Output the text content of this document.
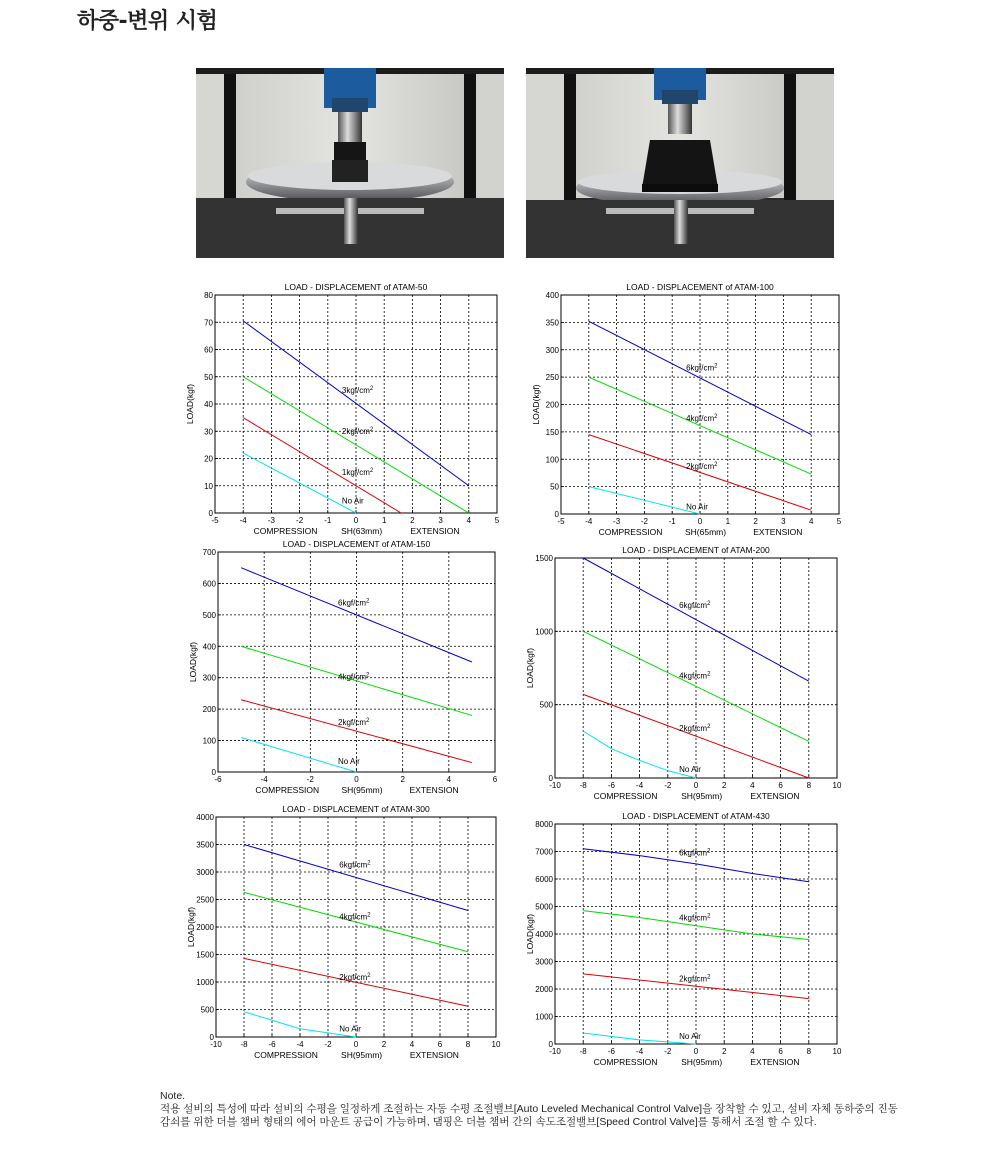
하중-변위 시험
-5	-4	-3	-2	-1	0	1	2	3	4	5
0
10
20
30
40
50
60
70
80
LOAD - DISPLACEMENT of ATAM-50
LOAD(kgf)
COMPRESSION	SH(63mm)	EXTENSION
$3kgf/cm^2$
$2kgf/cm^2$
$1kgf/cm^2$
No Air
-5	-4	-3	-2	-1	0	1	2	3	4	5
0
50
100
150
200
250
300
350
400
LOAD - DISPLACEMENT of ATAM-100
LOAD(kgf)
COMPRESSION	SH(65mm)	EXTENSION
$6kgf/cm^2$
$4kgf/cm^2$
$2kgf/cm^2$
No Air
-6	-4	-2	0	2	4	6
0
100
200
300
400
500
600
700
LOAD - DISPLACEMENT of ATAM-150
LOAD(kgf)
COMPRESSION	SH(95mm)	EXTENSION
$6kgf/cm^2$
$4kgf/cm^2$
$2kgf/cm^2$
No Air
-10 -8	-6	-4	-2	0	2	4	6	8	10
0
500
1000
1500
LOAD - DISPLACEMENT of ATAM-200
LOAD(kgf)
COMPRESSION	SH(95mm)	EXTENSION
$6kgf/cm^2$
$4kgf/cm^2$
$2kgf/cm^2$
No Air
-10 -8	-6	-4	-2	0	2	4	6	8	10
0
500
1000
1500
2000
2500
3000
3500
4000
LOAD - DISPLACEMENT of ATAM-300
LOAD(kgf)
COMPRESSION	SH(95mm)	EXTENSION
$6kgf/cm^2$
$4kgf/cm^2$
$2kgf/cm^2$
No Air
-10 -8	-6	-4	-2	0	2	4	6	8	10
0
1000
2000
3000
4000
5000
6000
7000
8000
LOAD - DISPLACEMENT of ATAM-430
LOAD(kgf)
COMPRESSION	SH(95mm)	EXTENSION
$6kgf/cm^2$
$4kgf/cm^2$
$2kgf/cm^2$
No Air
Note.
적용 설비의 특성에 따라 설비의 수평을 일정하게 조절하는 자동 수평 조절밸브[Auto Leveled Mechanical Control Valve]을 장착할 수 있고, 설비 자체 동하중의 진동
감쇠를 위한 더블 챔버 형태의 에어 마운트 공급이 가능하며, 댐핑은 더블 챔버 간의 속도조절밸브[Speed Control Valve]를 통해서 조절 할 수 있다.
